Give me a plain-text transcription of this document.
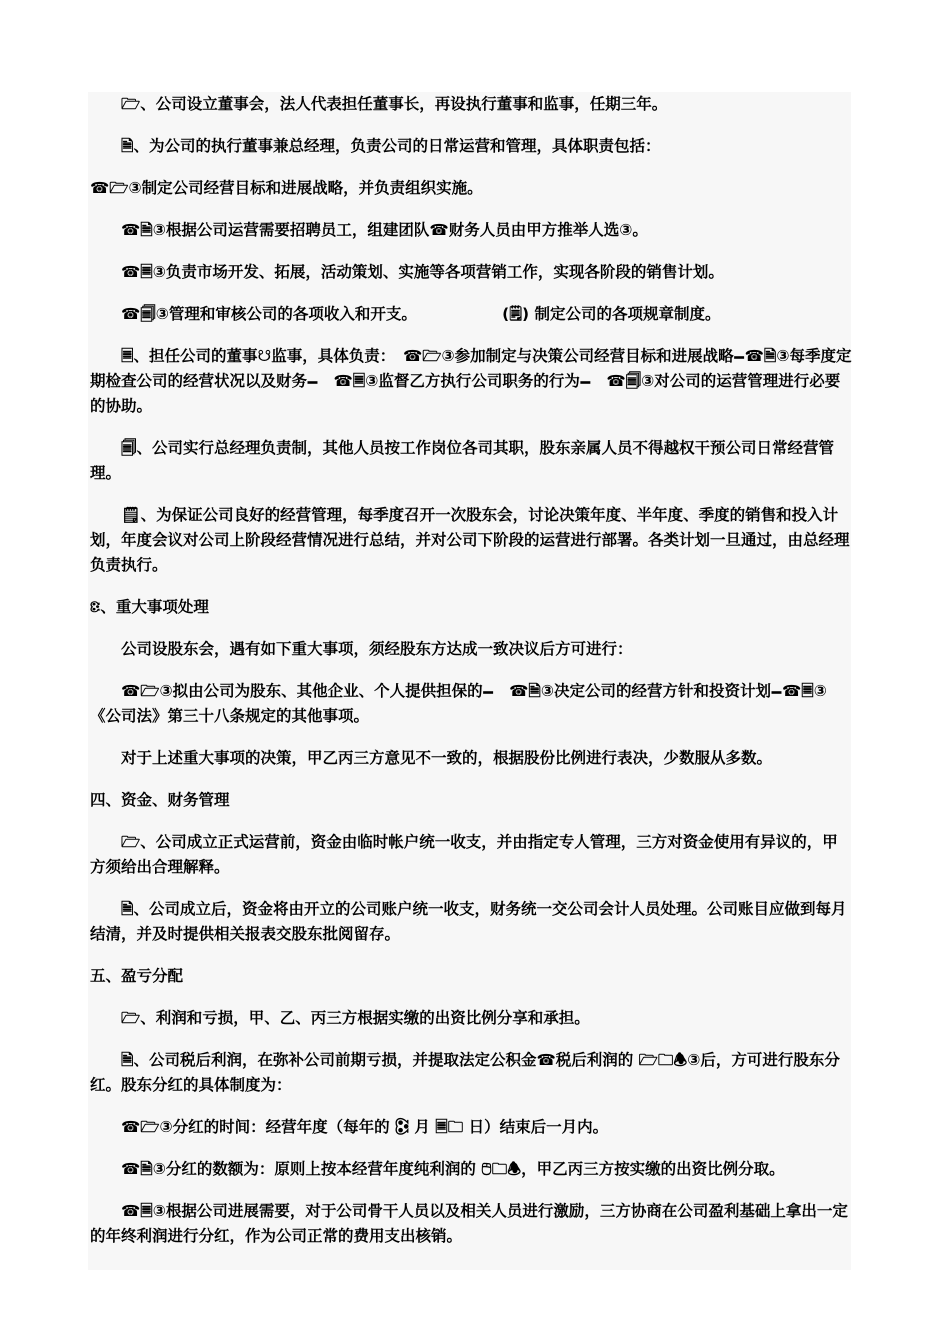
🗁、公司设立董事会，法人代表担任董事长，再设执行董事和监事，任期三年。

🗎、为公司的执行董事兼总经理，负责公司的日常运营和管理，具体职责包括：

☎🗁③制定公司经营目标和进展战略，并负责组织实施。

☎🗎③根据公司运营需要招聘员工，组建团队☎财务人员由甲方推举人选③。

☎🗏③负责市场开发、拓展，活动策划、实施等各项营销工作，实现各阶段的销售计划。

☎🗐③管理和审核公司的各项收入和开支。　　　　　　(🗒) 制定公司的各项规章制度。

🗏、担任公司的董事☋监事，具体负责：　☎🗁③参加制定与决策公司经营目标和进展战略🗕☎🗎③每季度定期检查公司的经营状况以及财务🗕　☎🗏③监督乙方执行公司职务的行为🗕　☎🗐③对公司的运营管理进行必要的协助。

🗐、公司实行总经理负责制，其他人员按工作岗位各司其职，股东亲属人员不得越权干预公司日常经营管理。

🗒、为保证公司良好的经营管理，每季度召开一次股东会，讨论决策年度、半年度、季度的销售和投入计划，年度会议对公司上阶段经营情况进行总结，并对公司下阶段的运营进行部署。各类计划一旦通过，由总经理负责执行。

🕃、重大事项处理

公司设股东会，遇有如下重大事项，须经股东方达成一致决议后方可进行：

☎🗁③拟由公司为股东、其他企业、个人提供担保的🗕　☎🗎③决定公司的经营方针和投资计划🗕☎🗏③《公司法》第三十八条规定的其他事项。

对于上述重大事项的决策，甲乙丙三方意见不一致的，根据股份比例进行表决，少数服从多数。

四、资金、财务管理

🗁、公司成立正式运营前，资金由临时帐户统一收支，并由指定专人管理，三方对资金使用有异议的，甲方须给出合理解释。

🗎、公司成立后，资金将由开立的公司账户统一收支，财务统一交公司会计人员处理。公司账目应做到每月结清，并及时提供相关报表交股东批阅留存。

五、盈亏分配

🗁、利润和亏损，甲、乙、丙三方根据实缴的出资比例分享和承担。

🗎、公司税后利润，在弥补公司前期亏损，并提取法定公积金☎税后利润的 🗁🗀🕭③后，方可进行股东分红。股东分红的具体制度为：

☎🗁③分红的时间：经营年度（每年的 🕃 月 🗏🗀 日）结束后一月内。

☎🗎③分红的数额为：原则上按本经营年度纯利润的 🖰🗀🕭，甲乙丙三方按实缴的出资比例分取。

☎🗏③根据公司进展需要，对于公司骨干人员以及相关人员进行激励，三方协商在公司盈利基础上拿出一定的年终利润进行分红，作为公司正常的费用支出核销。
